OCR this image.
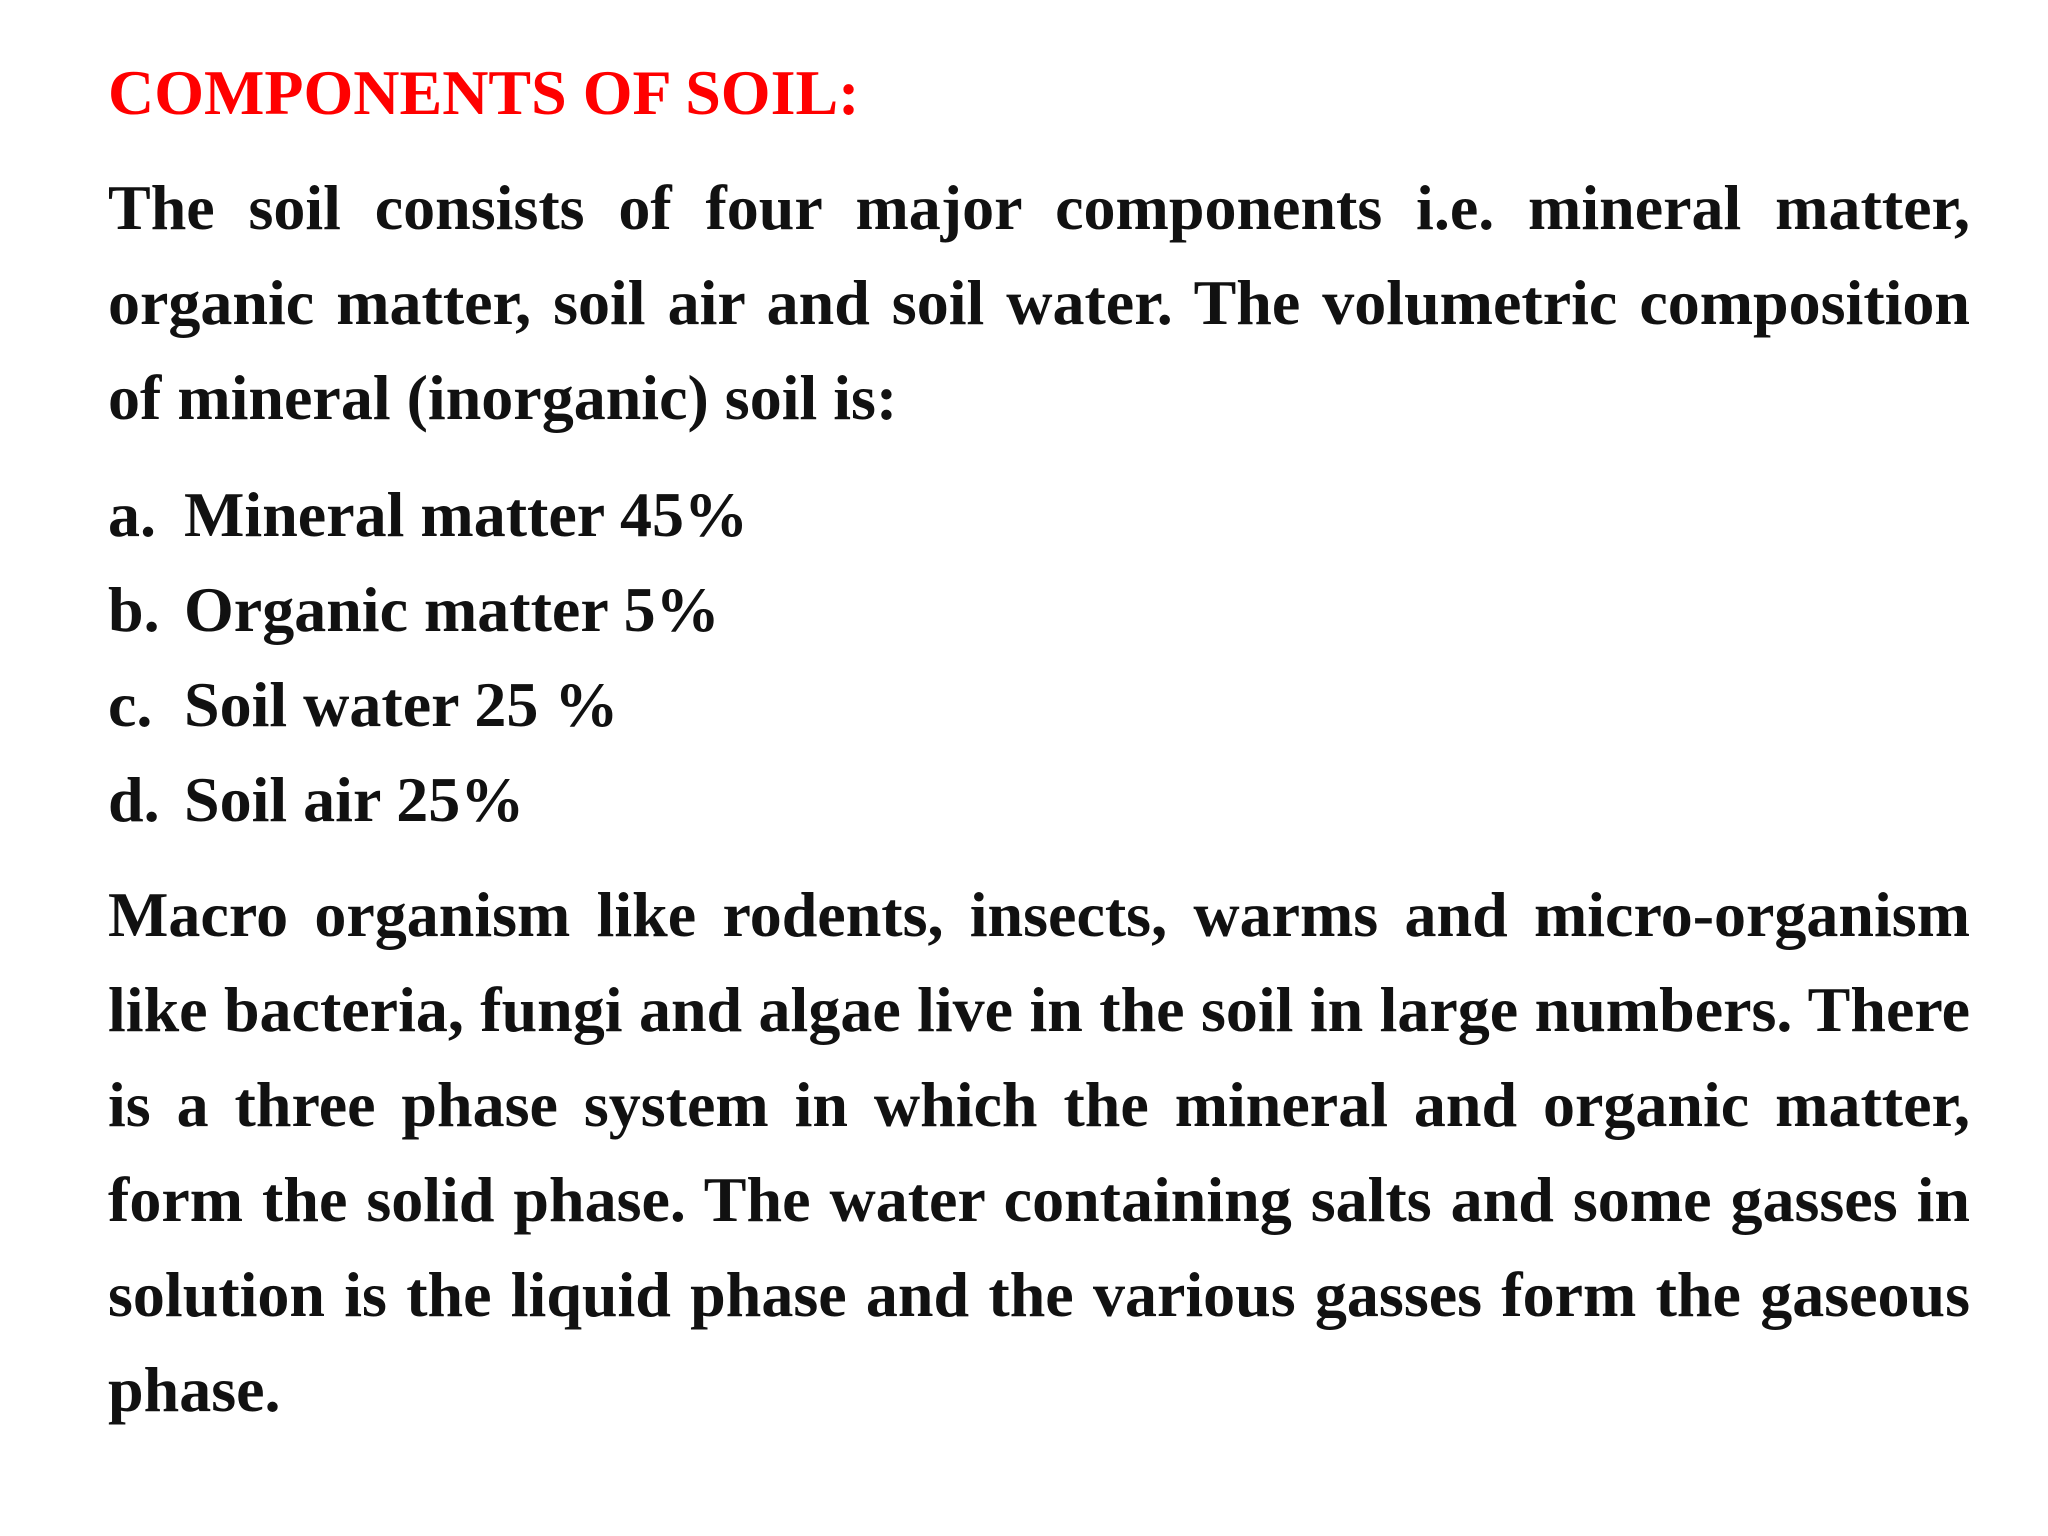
COMPONENTS OF SOIL:

The soil consists of four major components i.e. mineral matter, organic matter, soil air and soil water. The volumetric composition of mineral (inorganic) soil is:

a. Mineral matter 45%
b. Organic matter 5%
c. Soil water 25 %
d. Soil air 25%

Macro organism like rodents, insects, warms and micro-organism like bacteria, fungi and algae live in the soil in large numbers. There is a three phase system in which the mineral and organic matter, form the solid phase. The water containing salts and some gasses in solution is the liquid phase and the various gasses form the gaseous phase.
